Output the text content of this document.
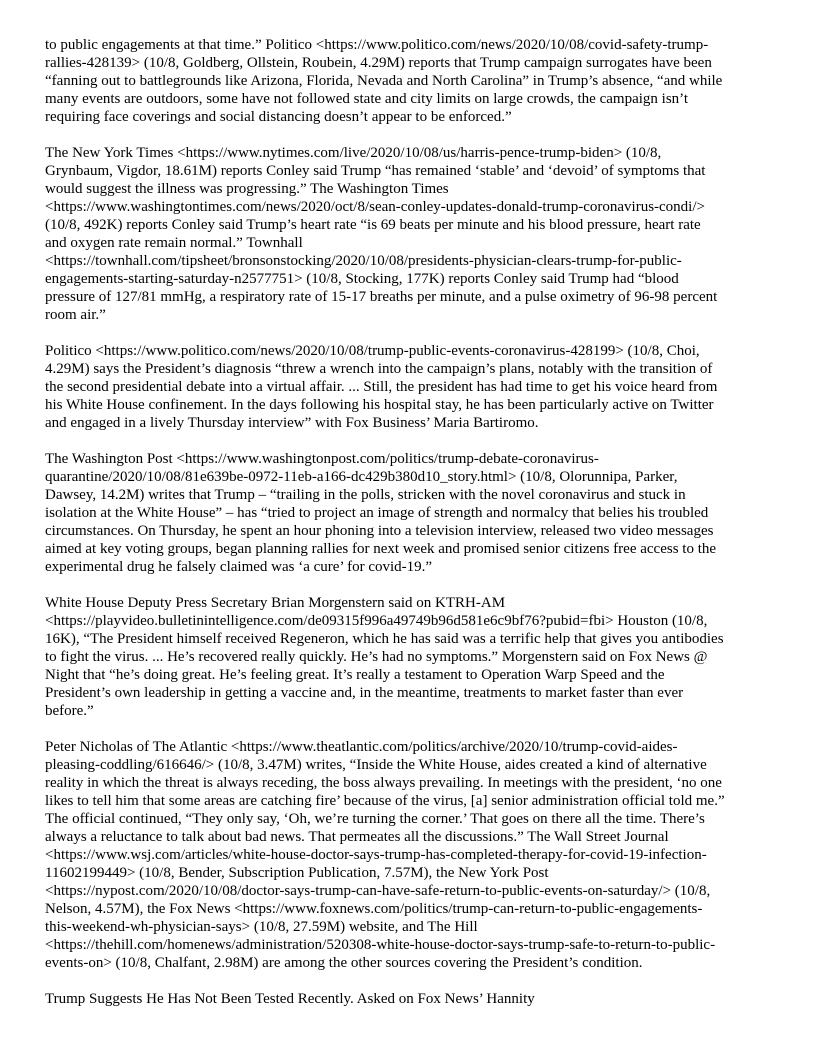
to public engagements at that time.” Politico <https://www.politico.com/news/2020/10/08/covid-safety-trump-
rallies-428139> (10/8, Goldberg, Ollstein, Roubein, 4.29M) reports that Trump campaign surrogates have been
“fanning out to battlegrounds like Arizona, Florida, Nevada and North Carolina” in Trump’s absence, “and while
many events are outdoors, some have not followed state and city limits on large crowds, the campaign isn’t
requiring face coverings and social distancing doesn’t appear to be enforced.”

The New York Times <https://www.nytimes.com/live/2020/10/08/us/harris-pence-trump-biden> (10/8,
Grynbaum, Vigdor, 18.61M) reports Conley said Trump “has remained ‘stable’ and ‘devoid’ of symptoms that
would suggest the illness was progressing.” The Washington Times
<https://www.washingtontimes.com/news/2020/oct/8/sean-conley-updates-donald-trump-coronavirus-condi/>
(10/8, 492K) reports Conley said Trump’s heart rate “is 69 beats per minute and his blood pressure, heart rate
and oxygen rate remain normal.” Townhall
<https://townhall.com/tipsheet/bronsonstocking/2020/10/08/presidents-physician-clears-trump-for-public-
engagements-starting-saturday-n2577751> (10/8, Stocking, 177K) reports Conley said Trump had “blood
pressure of 127/81 mmHg, a respiratory rate of 15-17 breaths per minute, and a pulse oximetry of 96-98 percent
room air.”

Politico <https://www.politico.com/news/2020/10/08/trump-public-events-coronavirus-428199> (10/8, Choi,
4.29M) says the President’s diagnosis “threw a wrench into the campaign’s plans, notably with the transition of
the second presidential debate into a virtual affair. ... Still, the president has had time to get his voice heard from
his White House confinement. In the days following his hospital stay, he has been particularly active on Twitter
and engaged in a lively Thursday interview” with Fox Business’ Maria Bartiromo.

The Washington Post <https://www.washingtonpost.com/politics/trump-debate-coronavirus-
quarantine/2020/10/08/81e639be-0972-11eb-a166-dc429b380d10_story.html> (10/8, Olorunnipa, Parker,
Dawsey, 14.2M) writes that Trump – “trailing in the polls, stricken with the novel coronavirus and stuck in
isolation at the White House” – has “tried to project an image of strength and normalcy that belies his troubled
circumstances. On Thursday, he spent an hour phoning into a television interview, released two video messages
aimed at key voting groups, began planning rallies for next week and promised senior citizens free access to the
experimental drug he falsely claimed was ‘a cure’ for covid-19.”

White House Deputy Press Secretary Brian Morgenstern said on KTRH-AM
<https://playvideo.bulletinintelligence.com/de09315f996a49749b96d581e6c9bf76?pubid=fbi> Houston (10/8,
16K), “The President himself received Regeneron, which he has said was a terrific help that gives you antibodies
to fight the virus. ... He’s recovered really quickly. He’s had no symptoms.” Morgenstern said on Fox News @
Night that “he’s doing great. He’s feeling great. It’s really a testament to Operation Warp Speed and the
President’s own leadership in getting a vaccine and, in the meantime, treatments to market faster than ever
before.”

Peter Nicholas of The Atlantic <https://www.theatlantic.com/politics/archive/2020/10/trump-covid-aides-
pleasing-coddling/616646/> (10/8, 3.47M) writes, “Inside the White House, aides created a kind of alternative
reality in which the threat is always receding, the boss always prevailing. In meetings with the president, ‘no one
likes to tell him that some areas are catching fire’ because of the virus, [a] senior administration official told me.”
The official continued, “They only say, ‘Oh, we’re turning the corner.’ That goes on there all the time. There’s
always a reluctance to talk about bad news. That permeates all the discussions.” The Wall Street Journal
<https://www.wsj.com/articles/white-house-doctor-says-trump-has-completed-therapy-for-covid-19-infection-
11602199449> (10/8, Bender, Subscription Publication, 7.57M), the New York Post
<https://nypost.com/2020/10/08/doctor-says-trump-can-have-safe-return-to-public-events-on-saturday/> (10/8,
Nelson, 4.57M), the Fox News <https://www.foxnews.com/politics/trump-can-return-to-public-engagements-
this-weekend-wh-physician-says> (10/8, 27.59M) website, and The Hill
<https://thehill.com/homenews/administration/520308-white-house-doctor-says-trump-safe-to-return-to-public-
events-on> (10/8, Chalfant, 2.98M) are among the other sources covering the President’s condition.

Trump Suggests He Has Not Been Tested Recently. Asked on Fox News’ Hannity
